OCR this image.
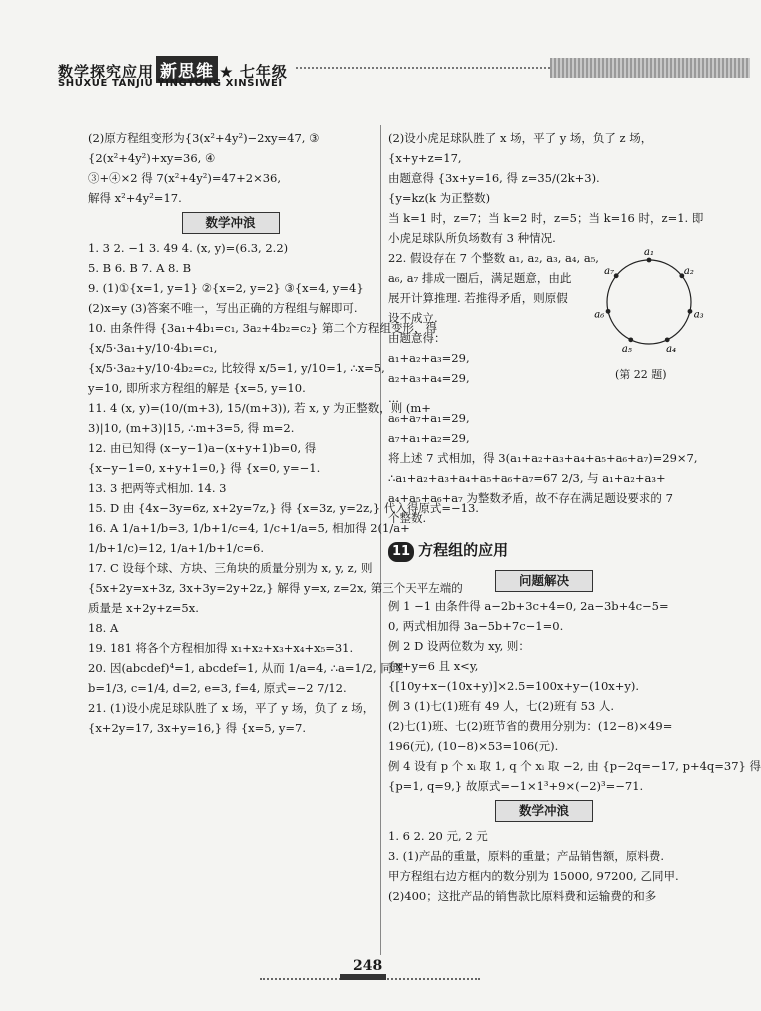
数学探究应用 新思维 ★ 七年级
SHUXUE TANJIU YINGYONG XINSIWEI
(2)原方程组变形为{3(x²+4y²)−2xy=47, ③
{2(x²+4y²)+xy=36, ④
③+④×2 得 7(x²+4y²)=47+2×36,
解得 x²+4y²=17.
数学冲浪
1. 3 2. −1 3. 49 4. (x, y)=(6.3, 2.2)
5. B 6. B 7. A 8. B
9. (1)①{x=1, y=1} ②{x=2, y=2} ③{x=4, y=4}
(2)x=y (3)答案不唯一，写出正确的方程组与解即可.
10. 由条件得 {3a₁+4b₁=c₁, 3a₂+4b₂=c₂} 第二个方程组变形，得
{x/5·3a₁+y/10·4b₁=c₁,
{x/5·3a₂+y/10·4b₂=c₂, 比较得 x/5=1, y/10=1, ∴x=5,
y=10, 即所求方程组的解是 {x=5, y=10.
11. 4 (x, y)=(10/(m+3), 15/(m+3)), 若 x, y 为正整数，则 (m+
3)|10, (m+3)|15, ∴m+3=5, 得 m=2.
12. 由已知得 (x−y−1)a−(x+y+1)b=0, 得
{x−y−1=0, x+y+1=0,} 得 {x=0, y=−1.
13. 3 把两等式相加. 14. 3
15. D 由 {4x−3y=6z, x+2y=7z,} 得 {x=3z, y=2z,} 代入得原式=−13.
16. A 1/a+1/b=3, 1/b+1/c=4, 1/c+1/a=5, 相加得 2(1/a+
1/b+1/c)=12, 1/a+1/b+1/c=6.
17. C 设每个球、方块、三角块的质量分别为 x, y, z, 则
{5x+2y=x+3z, 3x+3y=2y+2z,} 解得 y=x, z=2x, 第三个天平左端的
质量是 x+2y+z=5x.
18. A
19. 181 将各个方程相加得 x₁+x₂+x₃+x₄+x₅=31.
20. 因(abcdef)⁴=1, abcdef=1, 从而 1/a=4, ∴a=1/2, 同理
b=1/3, c=1/4, d=2, e=3, f=4, 原式=−2 7/12.
21. (1)设小虎足球队胜了 x 场，平了 y 场，负了 z 场，
{x+2y=17, 3x+y=16,} 得 {x=5, y=7.
(2)设小虎足球队胜了 x 场，平了 y 场，负了 z 场，
{x+y+z=17,
由题意得 {3x+y=16, 得 z=35/(2k+3).
{y=kz(k 为正整数)
当 k=1 时，z=7；当 k=2 时，z=5；当 k=16 时，z=1. 即
小虎足球队所负场数有 3 种情况.
22. 假设存在 7 个整数 a₁, a₂, a₃, a₄, a₅,
a₆, a₇ 排成一圈后，满足题意，由此
展开计算推理. 若推得矛盾，则原假
设不成立.
由题意得：
a₁+a₂+a₃=29,
a₂+a₃+a₄=29,
...
a₆+a₇+a₁=29,
a₇+a₁+a₂=29,
将上述 7 式相加，得 3(a₁+a₂+a₃+a₄+a₅+a₆+a₇)=29×7,
∴a₁+a₂+a₃+a₄+a₅+a₆+a₇=67 2/3, 与 a₁+a₂+a₃+
a₄+a₅+a₆+a₇ 为整数矛盾，故不存在满足题设要求的 7
个整数.
11 方程组的应用
问题解决
例 1 −1 由条件得 a−2b+3c+4=0, 2a−3b+4c−5=
0, 两式相加得 3a−5b+7c−1=0.
例 2 D 设两位数为 xy, 则：
{x+y=6 且 x<y,
{[10y+x−(10x+y)]×2.5=100x+y−(10x+y).
例 3 (1)七(1)班有 49 人，七(2)班有 53 人.
(2)七(1)班、七(2)班节省的费用分别为：(12−8)×49=
196(元), (10−8)×53=106(元).
例 4 设有 p 个 xᵢ 取 1, q 个 xᵢ 取 −2, 由 {p−2q=−17, p+4q=37} 得
{p=1, q=9,} 故原式=−1×1³+9×(−2)³=−71.
数学冲浪
1. 6 2. 20 元, 2 元
3. (1)产品的重量，原料的重量；产品销售额，原料费.
甲方程组右边方框内的数分别为 15000, 97200, 乙同甲.
(2)400；这批产品的销售款比原料费和运输费的和多
a₁
a₂
a₃
a₄
a₅
a₆
a₇
(第 22 题)
248
